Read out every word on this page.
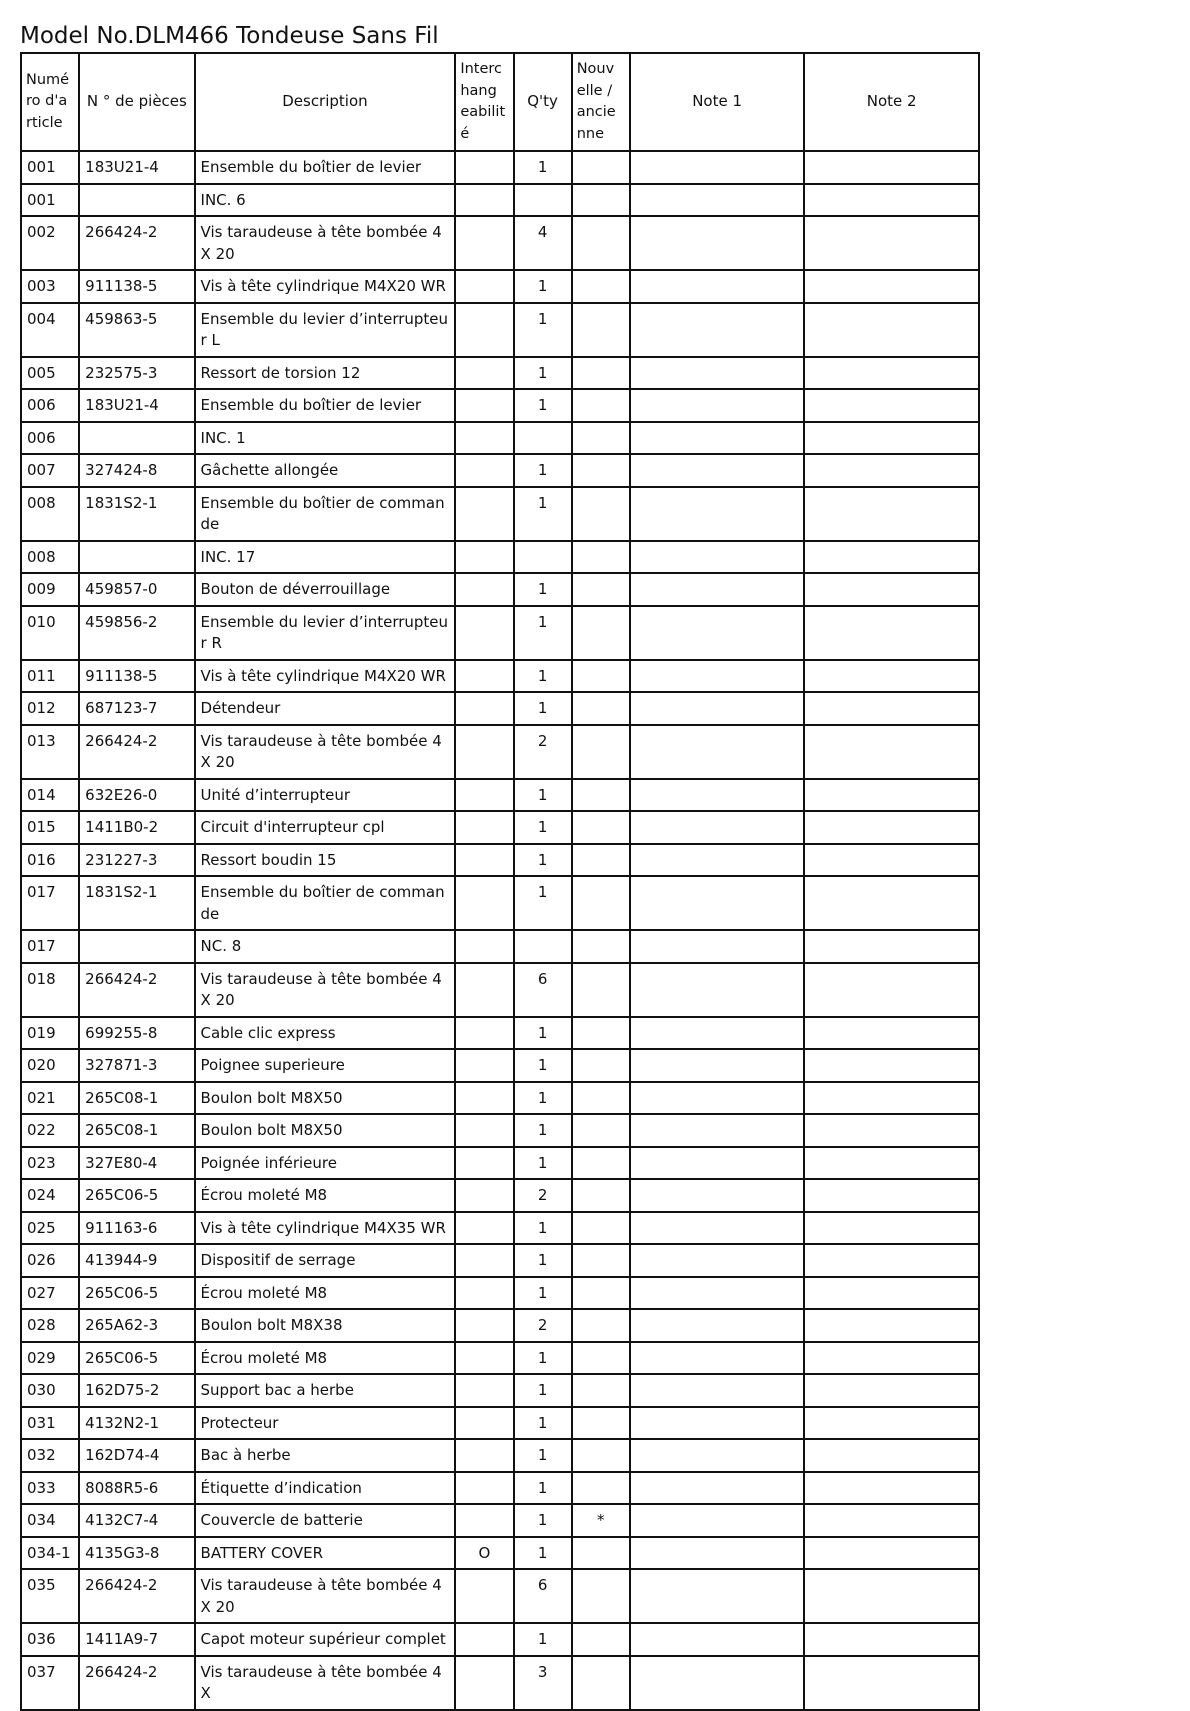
Model No.DLM466 Tondeuse Sans Fil
Numé ro d'a rticle	N ° de pièces	Description	Interc hang eabilit é	Q'ty	Nouv elle / ancie nne	Note 1	Note 2
001	183U21-4	Ensemble du boîtier de levier		1			
001		INC. 6					
002	266424-2	Vis taraudeuse à tête bombée 4X 20		4			
003	911138-5	Vis à tête cylindrique M4X20 WR		1			
004	459863-5	Ensemble du levier d’interrupteu r L		1			
005	232575-3	Ressort de torsion 12		1			
006	183U21-4	Ensemble du boîtier de levier		1			
006		INC. 1					
007	327424-8	Gâchette allongée		1			
008	1831S2-1	Ensemble du boîtier de comman de		1			
008		INC. 17					
009	459857-0	Bouton de déverrouillage		1			
010	459856-2	Ensemble du levier d’interrupteu r R		1			
011	911138-5	Vis à tête cylindrique M4X20 WR		1			
012	687123-7	Détendeur		1			
013	266424-2	Vis taraudeuse à tête bombée 4X 20		2			
014	632E26-0	Unité d’interrupteur		1			
015	1411B0-2	Circuit d'interrupteur cpl		1			
016	231227-3	Ressort boudin 15		1			
017	1831S2-1	Ensemble du boîtier de comman de		1			
017		NC. 8					
018	266424-2	Vis taraudeuse à tête bombée 4X 20		6			
019	699255-8	Cable clic express		1			
020	327871-3	Poignee superieure		1			
021	265C08-1	Boulon bolt M8X50		1			
022	265C08-1	Boulon bolt M8X50		1			
023	327E80-4	Poignée inférieure		1			
024	265C06-5	Écrou moleté M8		2			
025	911163-6	Vis à tête cylindrique M4X35 WR		1			
026	413944-9	Dispositif de serrage		1			
027	265C06-5	Écrou moleté M8		1			
028	265A62-3	Boulon bolt M8X38		2			
029	265C06-5	Écrou moleté M8		1			
030	162D75-2	Support bac a herbe		1			
031	4132N2-1	Protecteur		1			
032	162D74-4	Bac à herbe		1			
033	8088R5-6	Étiquette d’indication		1			
034	4132C7-4	Couvercle de batterie		1	*		
034-1	4135G3-8	BATTERY COVER	O	1			
035	266424-2	Vis taraudeuse à tête bombée 4X 20		6			
036	1411A9-7	Capot moteur supérieur complet		1			
037	266424-2	Vis taraudeuse à tête bombée 4X		3			
